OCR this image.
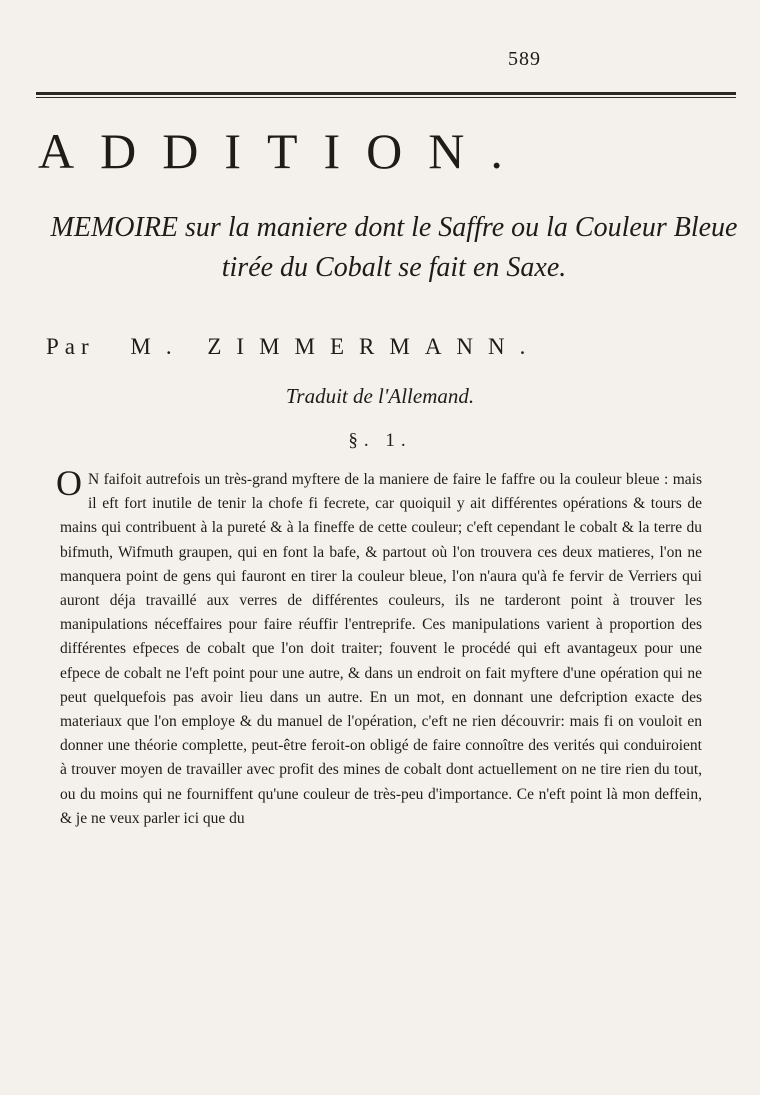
589
ADDITION.
MEMOIRE sur la maniere dont le Saffre ou la Couleur Bleue tirée du Cobalt se fait en Saxe.
Par M. ZIMMERMANN.
Traduit de l'Allemand.
§. 1.
O N faifoit autrefois un très-grand myftere de la maniere de faire le faffre ou la couleur bleue : mais il eft fort inutile de tenir la chofe fi fecrete, car quoiquil y ait différentes opérations & tours de mains qui contribuent à la pureté & à la fineffe de cette couleur; c'eft cependant le cobalt & la terre du bifmuth, Wifmuth graupen, qui en font la bafe, & partout où l'on trouvera ces deux matieres, l'on ne manquera point de gens qui fauront en tirer la couleur bleue, l'on n'aura qu'à fe fervir de Verriers qui auront déja travaillé aux verres de différentes couleurs, ils ne tarderont point à trouver les manipulations néceffaires pour faire réuffir l'entreprife. Ces manipulations varient à proportion des différentes efpeces de cobalt que l'on doit traiter; fouvent le procédé qui eft avantageux pour une efpece de cobalt ne l'eft point pour une autre, & dans un endroit on fait myftere d'une opération qui ne peut quelquefois pas avoir lieu dans un autre. En un mot, en donnant une defcription exacte des materiaux que l'on employe & du manuel de l'opération, c'eft ne rien découvrir: mais fi on vouloit en donner une théorie complette, peut-être feroit-on obligé de faire connoître des verités qui conduiroient à trouver moyen de travailler avec profit des mines de cobalt dont actuellement on ne tire rien du tout, ou du moins qui ne fourniffent qu'une couleur de très-peu d'importance. Ce n'eft point là mon deffein, & je ne veux parler ici que du
